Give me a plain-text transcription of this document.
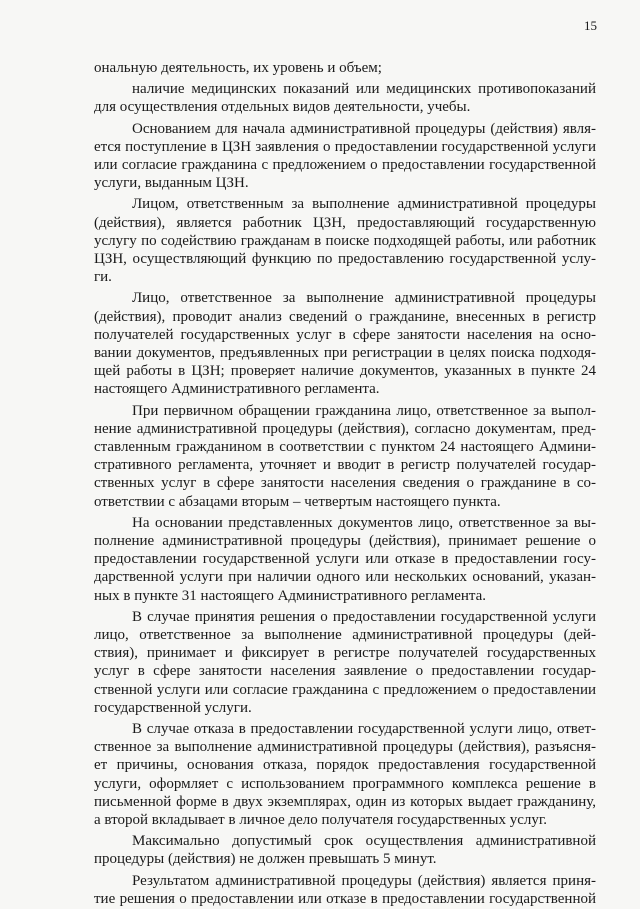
15
ональную деятельность, их уровень и объем;
наличие медицинских показаний или медицинских противопоказаний
для осуществления отдельных видов деятельности, учебы.
Основанием для начала административной процедуры (действия) явля-
ется поступление в ЦЗН заявления о предоставлении государственной услуги
или согласие гражданина с предложением о предоставлении государственной
услуги, выданным ЦЗН.
Лицом, ответственным за выполнение административной процедуры
(действия), является работник ЦЗН, предоставляющий государственную
услугу по содействию гражданам в поиске подходящей работы, или работник
ЦЗН, осуществляющий функцию по предоставлению государственной услу-
ги.
Лицо, ответственное за выполнение административной процедуры
(действия), проводит анализ сведений о гражданине, внесенных в регистр
получателей государственных услуг в сфере занятости населения на осно-
вании документов, предъявленных при регистрации в целях поиска подходя-
щей работы в ЦЗН; проверяет наличие документов, указанных в пункте 24
настоящего Административного регламента.
При первичном обращении гражданина лицо, ответственное за выпол-
нение административной процедуры (действия), согласно документам, пред-
ставленным гражданином в соответствии с пунктом 24 настоящего Админи-
стративного регламента, уточняет и вводит в регистр получателей государ-
ственных услуг в сфере занятости населения сведения о гражданине в со-
ответствии с абзацами вторым – четвертым настоящего пункта.
На основании представленных документов лицо, ответственное за вы-
полнение административной процедуры (действия), принимает решение о
предоставлении государственной услуги или отказе в предоставлении госу-
дарственной услуги при наличии одного или нескольких оснований, указан-
ных в пункте 31 настоящего Административного регламента.
В случае принятия решения о предоставлении государственной услуги
лицо, ответственное за выполнение административной процедуры (дей-
ствия), принимает и фиксирует в регистре получателей государственных
услуг в сфере занятости населения заявление о предоставлении государ-
ственной услуги или согласие гражданина с предложением о предоставлении
государственной услуги.
В случае отказа в предоставлении государственной услуги лицо, ответ-
ственное за выполнение административной процедуры (действия), разъясня-
ет причины, основания отказа, порядок предоставления государственной
услуги, оформляет с использованием программного комплекса решение в
письменной форме в двух экземплярах, один из которых выдает гражданину,
а второй вкладывает в личное дело получателя государственных услуг.
Максимально допустимый срок осуществления административной
процедуры (действия) не должен превышать 5 минут.
Результатом административной процедуры (действия) является приня-
тие решения о предоставлении или отказе в предоставлении государственной
